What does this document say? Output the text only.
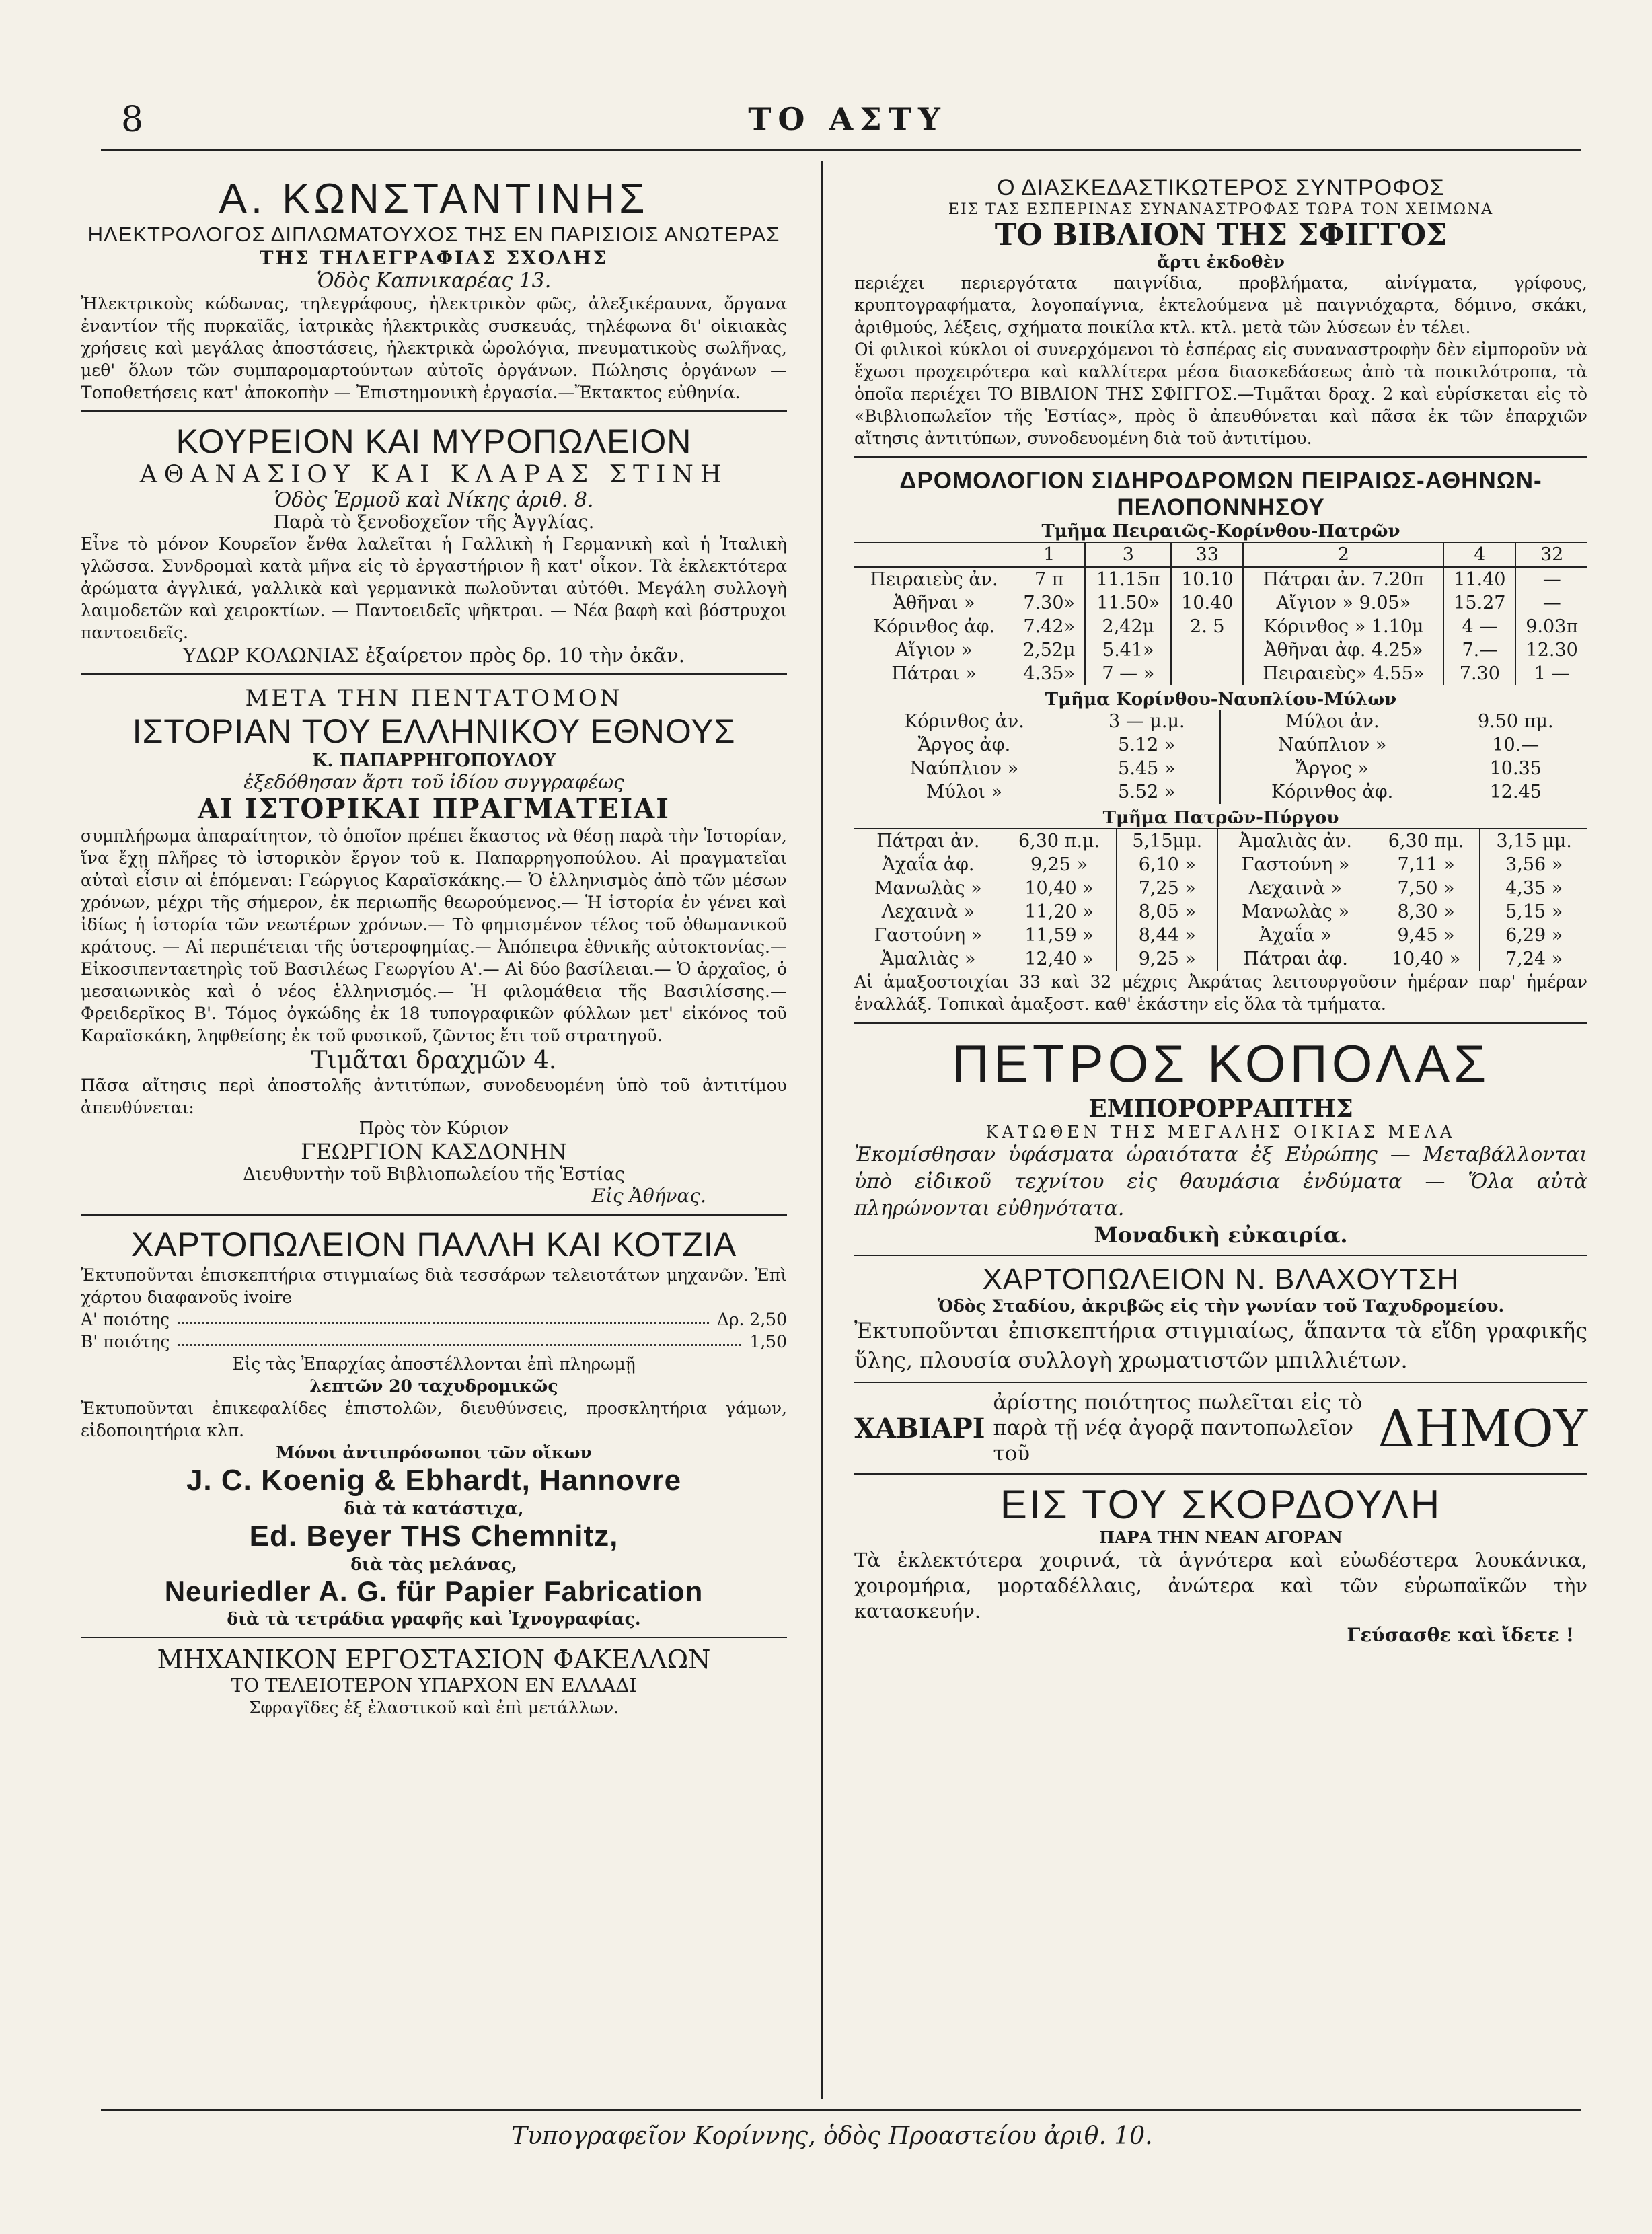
8	ΤΟ ΑΣΤΥ
Α. ΚΩΝΣΤΑΝΤΙΝΗΣ
ΗΛΕΚΤΡΟΛΟΓΟΣ ΔΙΠΛΩΜΑΤΟΥΧΟΣ ΤΗΣ ΕΝ ΠΑΡΙΣΙΟΙΣ ΑΝΩΤΕΡΑΣ
ΤΗΣ ΤΗΛΕΓΡΑΦΙΑΣ ΣΧΟΛΗΣ
Ὁδὸς Καπνικαρέας 13.

Ἠλεκτρικοὺς κώδωνας, τηλεγράφους, ἠλεκτρικὸν φῶς, ἀλεξικέραυνα, ὄργανα ἐναντίον τῆς πυρκαϊᾶς, ἰατρικὰς ἠλεκτρικὰς συσκευάς, τηλέφωνα δι' οἰκιακὰς χρήσεις καὶ μεγάλας ἀποστάσεις, ἠλεκτρικὰ ὡρολόγια, πνευματικοὺς σωλῆνας, μεθ' ὅλων τῶν συμπαρομαρτούντων αὐτοῖς ὀργάνων. Πώλησις ὀργάνων — Τοποθετήσεις κατ' ἀποκοπὴν — Ἐπιστημονικὴ ἐργασία.—Ἔκτακτος εὐθηνία.

ΚΟΥΡΕΙΟΝ ΚΑΙ ΜΥΡΟΠΩΛΕΙΟΝ
ΑΘΑΝΑΣΙΟΥ ΚΑΙ ΚΛΑΡΑΣ ΣΤΙΝΗ
Ὁδὸς Ἑρμοῦ καὶ Νίκης ἀριθ. 8.
Παρὰ τὸ ξενοδοχεῖον τῆς Ἀγγλίας.

Εἶνε τὸ μόνον Κουρεῖον ἔνθα λαλεῖται ἡ Γαλλικὴ ἡ Γερμανικὴ καὶ ἡ Ἰταλικὴ γλῶσσα. Συνδρομαὶ κατὰ μῆνα εἰς τὸ ἐργαστήριον ἢ κατ' οἶκον. Τὰ ἐκλεκτότερα ἀρώματα ἀγγλικά, γαλλικὰ καὶ γερμανικὰ πωλοῦνται αὐτόθι. Μεγάλη συλλογὴ λαιμοδετῶν καὶ χειροκτίων. — Παντοειδεῖς ψῆκτραι. — Νέα βαφὴ καὶ βόστρυχοι παντοειδεῖς.

ΥΔΩΡ ΚΟΛΩΝΙΑΣ ἐξαίρετον πρὸς δρ. 10 τὴν ὀκᾶν.
ΜΕΤΑ ΤΗΝ ΠΕΝΤΑΤΟΜΟΝ
ΙΣΤΟΡΙΑΝ ΤΟΥ ΕΛΛΗΝΙΚΟΥ ΕΘΝΟΥΣ
Κ. ΠΑΠΑΡΡΗΓΟΠΟΥΛΟΥ
ἐξεδόθησαν ἄρτι τοῦ ἰδίου συγγραφέως
ΑΙ ΙΣΤΟΡΙΚΑΙ ΠΡΑΓΜΑΤΕΙΑΙ

συμπλήρωμα ἀπαραίτητον, τὸ ὁποῖον πρέπει ἕκαστος νὰ θέσῃ παρὰ τὴν Ἱστορίαν, ἵνα ἔχῃ πλῆρες τὸ ἱστορικὸν ἔργον τοῦ κ. Παπαρρηγοπούλου. Αἱ πραγματεῖαι αὐταὶ εἶσιν αἱ ἑπόμεναι: Γεώργιος Καραϊσκάκης.— Ὁ ἑλληνισμὸς ἀπὸ τῶν μέσων χρόνων, μέχρι τῆς σήμερον, ἐκ περιωπῆς θεωρούμενος.— Ἡ ἱστορία ἐν γένει καὶ ἰδίως ἡ ἱστορία τῶν νεωτέρων χρόνων.— Τὸ φημισμένον τέλος τοῦ ὀθωμανικοῦ κράτους. — Αἱ περιπέτειαι τῆς ὑστεροφημίας.— Ἀπόπειρα ἐθνικῆς αὐτοκτονίας.—Εἰκοσιπενταετηρὶς τοῦ Βασιλέως Γεωργίου Α'.— Αἱ δύο βασίλειαι.— Ὁ ἀρχαῖος, ὁ μεσαιωνικὸς καὶ ὁ νέος ἑλληνισμός.— Ἡ φιλομάθεια τῆς Βασιλίσσης.— Φρειδερῖκος Β'. Τόμος ὀγκώδης ἐκ 18 τυπογραφικῶν φύλλων μετ' εἰκόνος τοῦ Καραϊσκάκη, ληφθείσης ἐκ τοῦ φυσικοῦ, ζῶντος ἔτι τοῦ στρατηγοῦ.

Τιμᾶται δραχμῶν 4.

Πᾶσα αἴτησις περὶ ἀποστολῆς ἀντιτύπων, συνοδευομένη ὑπὸ τοῦ ἀντιτίμου ἀπευθύνεται:

Πρὸς τὸν Κύριον
ΓΕΩΡΓΙΟΝ ΚΑΣΔΟΝΗΝ
Διευθυντὴν τοῦ Βιβλιοπωλείου τῆς Ἑστίας
Εἰς Ἀθήνας.
ΧΑΡΤΟΠΩΛΕΙΟΝ ΠΑΛΛΗ ΚΑΙ ΚΟΤΖΙΑ

Ἐκτυποῦνται ἐπισκεπτήρια στιγμιαίως διὰ τεσσάρων τελειοτάτων μηχανῶν. Ἐπὶ χάρτου διαφανοῦς ivoire

Α' ποιότης	Δρ. 2,50
Β' ποιότης	1,50
Εἰς τὰς Ἐπαρχίας ἀποστέλλονται ἐπὶ πληρωμῇ
λεπτῶν 20 ταχυδρομικῶς

Ἐκτυποῦνται ἐπικεφαλίδες ἐπιστολῶν, διευθύνσεις, προσκλητήρια γάμων, εἰδοποιητήρια κλπ.

Μόνοι ἀντιπρόσωποι τῶν οἴκων
J. C. Koenig & Ebhardt, Hannovre
διὰ τὰ κατάστιχα,
Ed. Beyer THS Chemnitz,
διὰ τὰς μελάνας,
Neuriedler A. G. für Papier Fabrication
διὰ τὰ τετράδια γραφῆς καὶ Ἰχνογραφίας.
ΜΗΧΑΝΙΚΟΝ ΕΡΓΟΣΤΑΣΙΟΝ ΦΑΚΕΛΛΩΝ
ΤΟ ΤΕΛΕΙΟΤΕΡΟΝ ΥΠΑΡΧΟΝ ΕΝ ΕΛΛΑΔΙ
Σφραγῖδες ἐξ ἐλαστικοῦ καὶ ἐπὶ μετάλλων.
Ο ΔΙΑΣΚΕΔΑΣΤΙΚΩΤΕΡΟΣ ΣΥΝΤΡΟΦΟΣ
ΕΙΣ ΤΑΣ ΕΣΠΕΡΙΝΑΣ ΣΥΝΑΝΑΣΤΡΟΦΑΣ ΤΩΡΑ ΤΟΝ ΧΕΙΜΩΝΑ
ΤΟ ΒΙΒΛΙΟΝ ΤΗΣ ΣΦΙΓΓΟΣ
ἄρτι ἐκδοθὲν

περιέχει περιεργότατα παιγνίδια, προβλήματα, αἰνίγματα, γρίφους, κρυπτογραφήματα, λογοπαίγνια, ἐκτελούμενα μὲ παιγνιόχαρτα, δόμινο, σκάκι, ἀριθμούς, λέξεις, σχήματα ποικίλα κτλ. κτλ. μετὰ τῶν λύσεων ἐν τέλει.

Οἱ φιλικοὶ κύκλοι οἱ συνερχόμενοι τὸ ἑσπέρας εἰς συναναστροφὴν δὲν εἰμποροῦν νὰ ἔχωσι προχειρότερα καὶ καλλίτερα μέσα διασκεδάσεως ἀπὸ τὰ ποικιλότροπα, τὰ ὁποῖα περιέχει ΤΟ ΒΙΒΛΙΟΝ ΤΗΣ ΣΦΙΓΓΟΣ.—Τιμᾶται δραχ. 2 καὶ εὑρίσκεται εἰς τὸ «Βιβλιοπωλεῖον τῆς Ἑστίας», πρὸς ὃ ἀπευθύνεται καὶ πᾶσα ἐκ τῶν ἐπαρχιῶν αἴτησις ἀντιτύπων, συνοδευομένη διὰ τοῦ ἀντιτίμου.

ΔΡΟΜΟΛΟΓΙΟΝ ΣΙΔΗΡΟΔΡΟΜΩΝ ΠΕΙΡΑΙΩΣ-ΑΘΗΝΩΝ-ΠΕΛΟΠΟΝΝΗΣΟΥ
Τμῆμα Πειραιῶς-Κορίνθου-Πατρῶν
	1	3	33	2	4	32
Πειραιεὺς ἀν.	7 π	11.15π	10.10	Πάτραι ἀν. 7.20π	11.40	—
Ἀθῆναι »	7.30»	11.50»	10.40	Αἴγιον » 9.05»	15.27	—
Κόρινθος ἀφ.	7.42»	2,42μ	2. 5	Κόρινθος » 1.10μ	4 —	9.03π
Αἴγιον »	2,52μ	5.41»		Ἀθῆναι ἀφ. 4.25»	7.—	12.30
Πάτραι »	4.35»	7 — »		Πειραιεὺς» 4.55»	7.30	1 —
Τμῆμα Κορίνθου-Ναυπλίου-Μύλων
Κόρινθος ἀν.	3 — μ.μ.	Μύλοι ἀν.	9.50 πμ.
Ἄργος ἀφ.	5.12 »	Ναύπλιον »	10.—
Ναύπλιον »	5.45 »	Ἄργος »	10.35
Μύλοι »	5.52 »	Κόρινθος ἀφ.	12.45
Τμῆμα Πατρῶν-Πύργου
Πάτραι ἀν.	6,30 π.μ.	5,15μμ.	Ἀμαλιὰς ἀν.	6,30 πμ.	3,15 μμ.
Ἀχαΐα ἀφ.	9,25 »	6,10 »	Γαστούνη »	7,11 »	3,56 »
Μανωλὰς »	10,40 »	7,25 »	Λεχαινὰ »	7,50 »	4,35 »
Λεχαινὰ »	11,20 »	8,05 »	Μανωλὰς »	8,30 »	5,15 »
Γαστούνη »	11,59 »	8,44 »	Ἀχαΐα »	9,45 »	6,29 »
Ἀμαλιὰς »	12,40 »	9,25 »	Πάτραι ἀφ.	10,40 »	7,24 »

Αἱ ἁμαξοστοιχίαι 33 καὶ 32 μέχρις Ἀκράτας λειτουργοῦσιν ἡμέραν παρ' ἡμέραν ἐναλλάξ. Τοπικαὶ ἁμαξοστ. καθ' ἑκάστην εἰς ὅλα τὰ τμήματα.

ΠΕΤΡΟΣ ΚΟΠΟΛΑΣ
ΕΜΠΟΡΟΡΡΑΠΤΗΣ
ΚΑΤΩΘΕΝ ΤΗΣ ΜΕΓΑΛΗΣ ΟΙΚΙΑΣ ΜΕΛΑ

Ἐκομίσθησαν ὑφάσματα ὡραιότατα ἐξ Εὐρώπης — Μεταβάλλονται ὑπὸ εἰδικοῦ τεχνίτου εἰς θαυμάσια ἐνδύματα — Ὅλα αὐτὰ πληρώνονται εὐθηνότατα.

Μοναδικὴ εὐκαιρία.
ΧΑΡΤΟΠΩΛΕΙΟΝ Ν. ΒΛΑΧΟΥΤΣΗ
Ὁδὸς Σταδίου, ἀκριβῶς εἰς τὴν γωνίαν τοῦ Ταχυδρομείου.

Ἐκτυποῦνται ἐπισκεπτήρια στιγμιαίως, ἅπαντα τὰ εἴδη γραφικῆς ὕλης, πλουσία συλλογὴ χρωματιστῶν μπιλλιέτων.

ΧΑΒΙΑΡΙ
ἀρίστης ποιότητος πωλεῖται εἰς τὸ παρὰ τῇ νέᾳ ἀγορᾷ παντοπωλεῖον τοῦ	ΔΗΜΟΥ
ΕΙΣ ΤΟΥ ΣΚΟΡΔΟΥΛΗ
ΠΑΡΑ ΤΗΝ ΝΕΑΝ ΑΓΟΡΑΝ

Τὰ ἐκλεκτότερα χοιρινά, τὰ ἁγνότερα καὶ εὐωδέστερα λουκάνικα, χοιρομήρια, μορταδέλλαις, ἀνώτερα καὶ τῶν εὐρωπαϊκῶν τὴν κατασκευήν.

Γεύσασθε καὶ ἴδετε !
Τυπογραφεῖον Κορίννης, ὁδὸς Προαστείου ἀριθ. 10.
